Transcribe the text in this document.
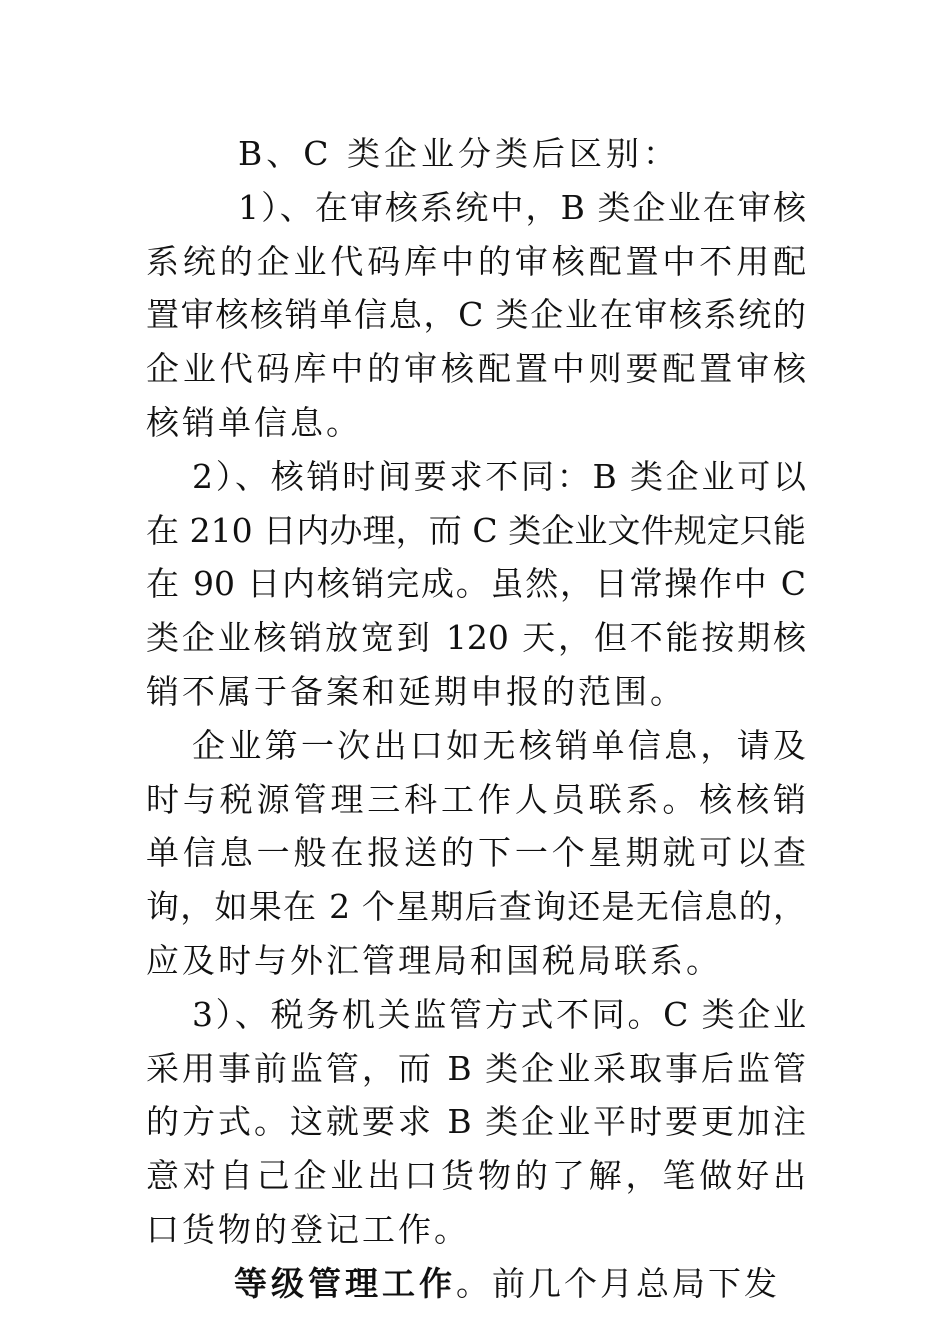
B、C 类企业分类后区别：
1）、在审核系统中，B 类企业在审核
系统的企业代码库中的审核配置中不用配
置审核核销单信息，C 类企业在审核系统的
企业代码库中的审核配置中则要配置审核
核销单信息。
2）、核销时间要求不同：B 类企业可以
在 210 日内办理，而 C 类企业文件规定只能
在 90 日内核销完成。虽然，日常操作中 C
类企业核销放宽到 120 天，但不能按期核
销不属于备案和延期申报的范围。
企业第一次出口如无核销单信息，请及
时与税源管理三科工作人员联系。核核销
单信息一般在报送的下一个星期就可以查
询，如果在 2 个星期后查询还是无信息的，
应及时与外汇管理局和国税局联系。
3）、税务机关监管方式不同。C 类企业
采用事前监管，而 B 类企业采取事后监管
的方式。这就要求 B 类企业平时要更加注
意对自己企业出口货物的了解，笔做好出
口货物的登记工作。
等级管理工作。前几个月总局下发
